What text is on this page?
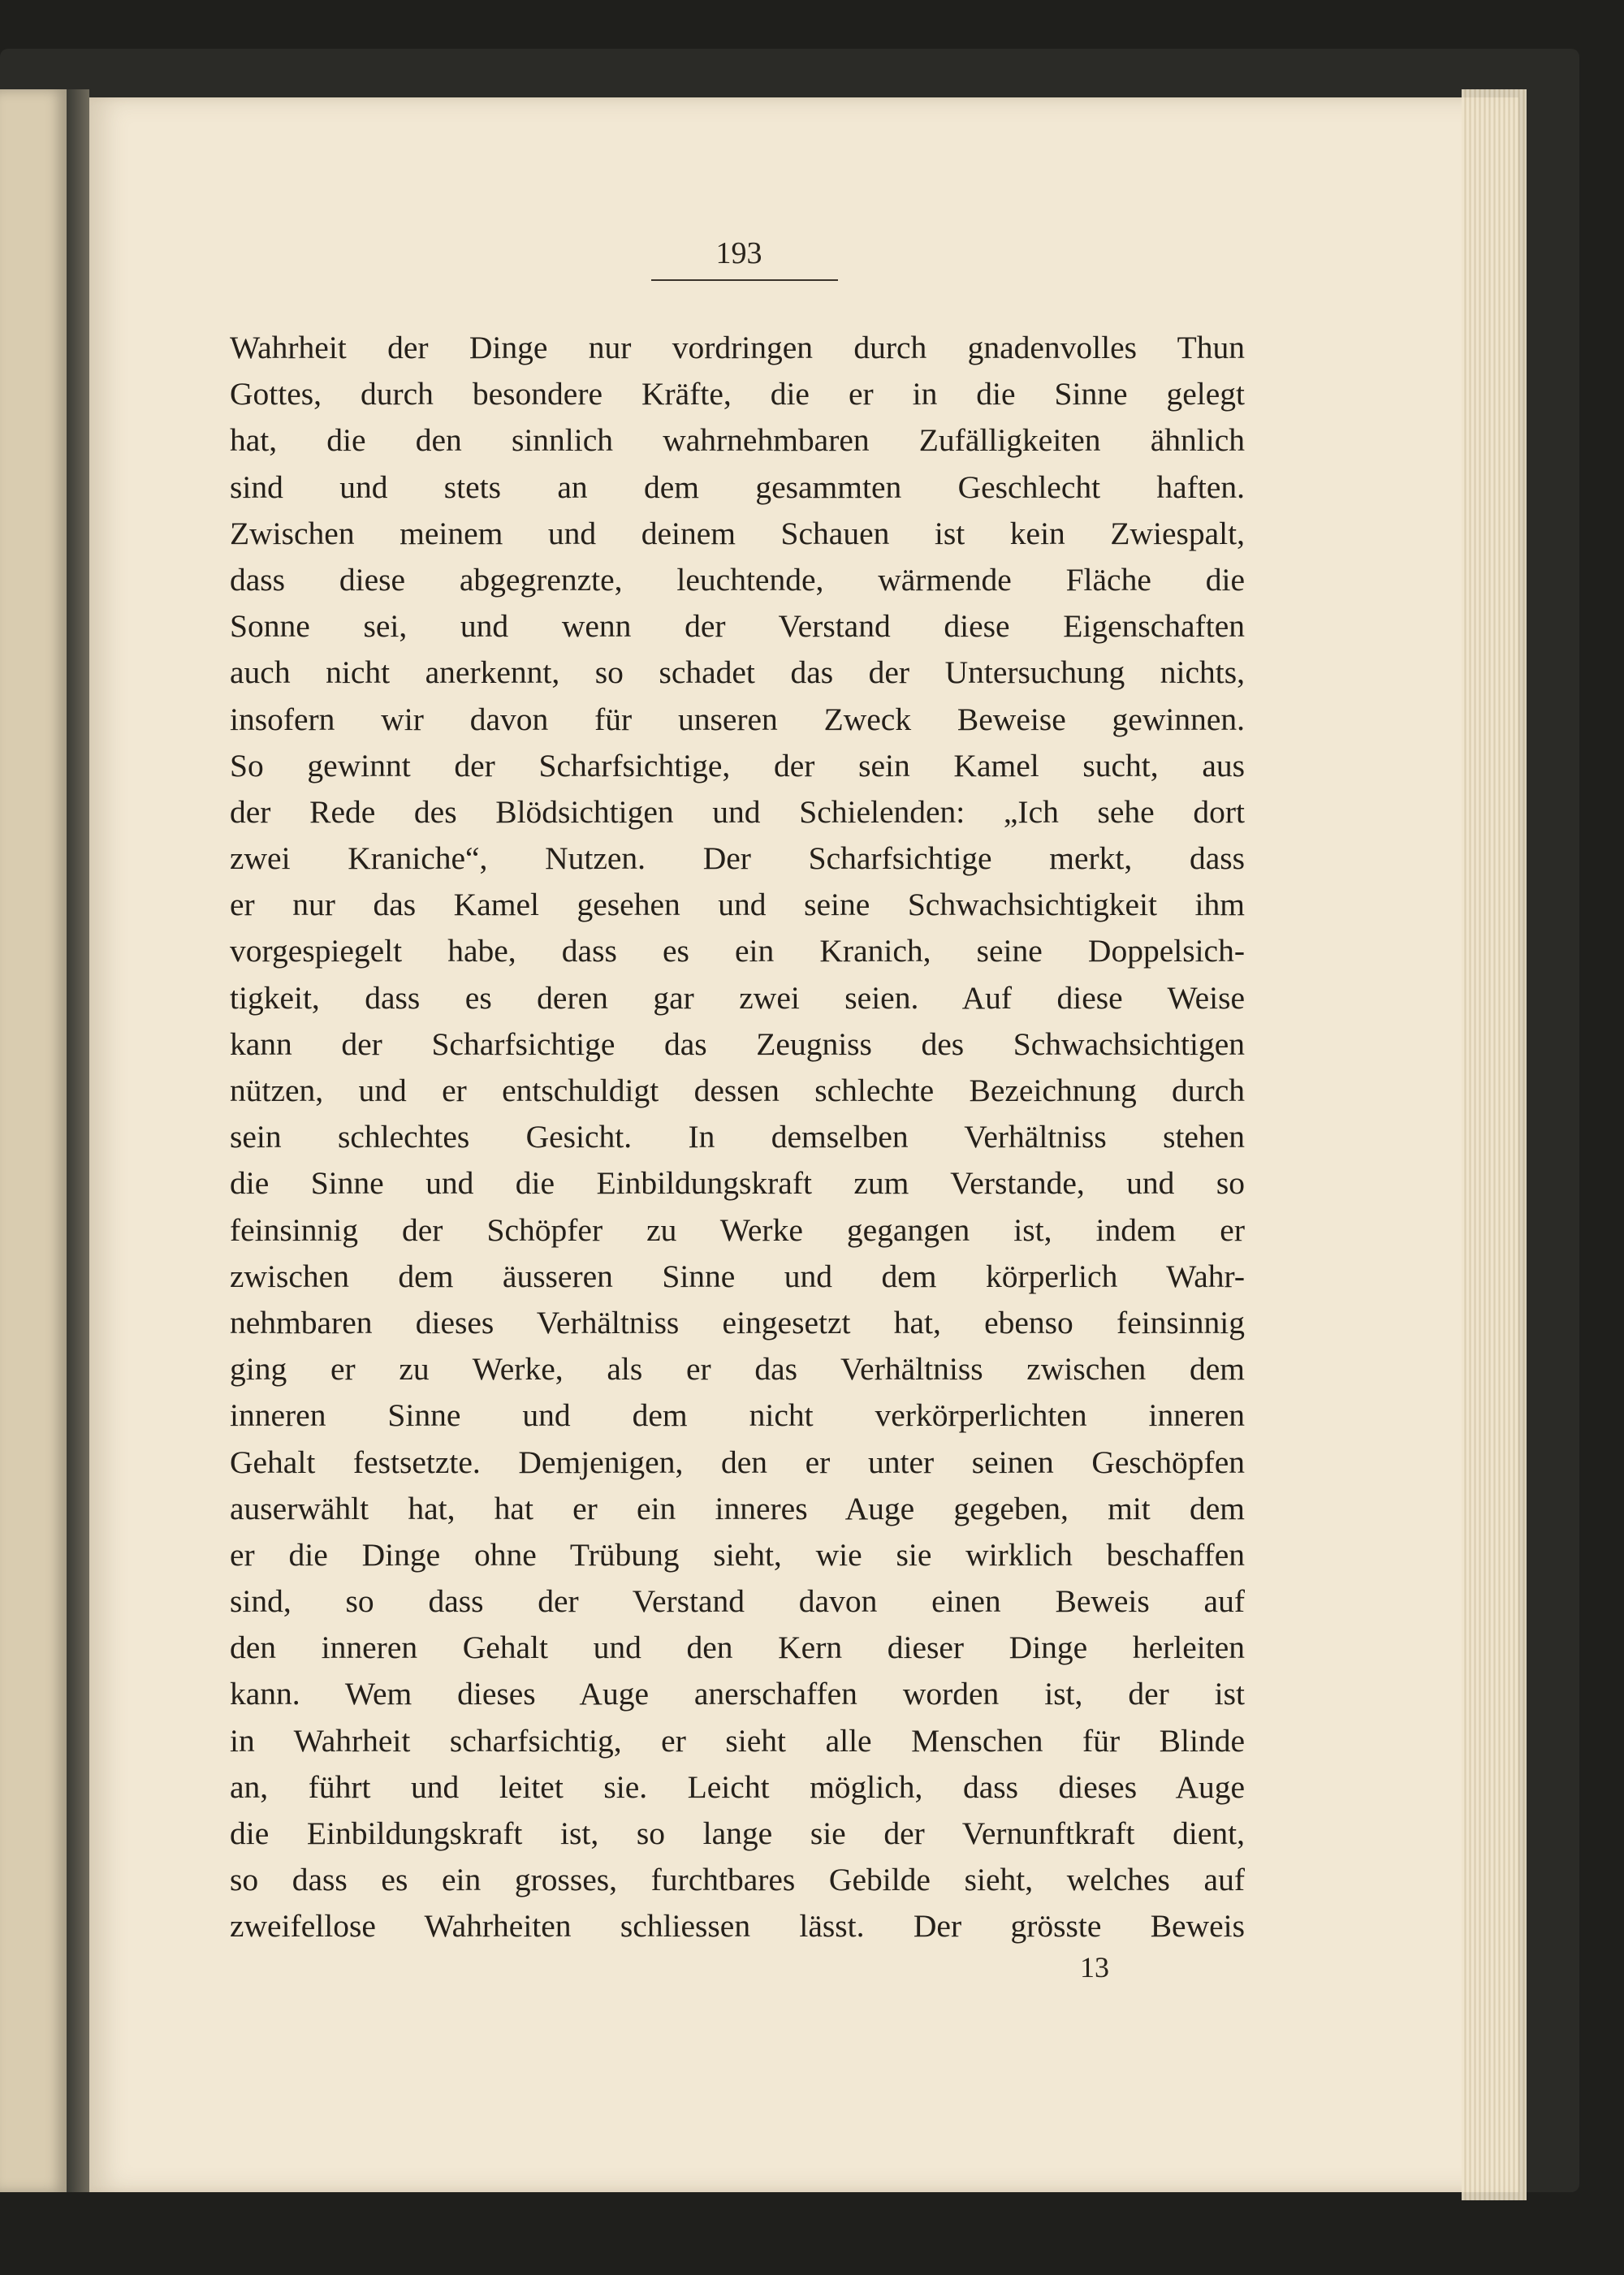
193
Wahrheit der Dinge nur vordringen durch gnadenvolles Thun
Gottes, durch besondere Kräfte, die er in die Sinne gelegt
hat, die den sinnlich wahrnehmbaren Zufälligkeiten ähnlich
sind und stets an dem gesammten Geschlecht haften.
Zwischen meinem und deinem Schauen ist kein Zwiespalt,
dass diese abgegrenzte, leuchtende, wärmende Fläche die
Sonne sei, und wenn der Verstand diese Eigenschaften
auch nicht anerkennt, so schadet das der Untersuchung nichts,
insofern wir davon für unseren Zweck Beweise gewinnen.
So gewinnt der Scharfsichtige, der sein Kamel sucht, aus
der Rede des Blödsichtigen und Schielenden: „Ich sehe dort
zwei Kraniche“, Nutzen. Der Scharfsichtige merkt, dass
er nur das Kamel gesehen und seine Schwachsichtigkeit ihm
vorgespiegelt habe, dass es ein Kranich, seine Doppelsich-
tigkeit, dass es deren gar zwei seien. Auf diese Weise
kann der Scharfsichtige das Zeugniss des Schwachsichtigen
nützen, und er entschuldigt dessen schlechte Bezeichnung durch
sein schlechtes Gesicht. In demselben Verhältniss stehen
die Sinne und die Einbildungskraft zum Verstande, und so
feinsinnig der Schöpfer zu Werke gegangen ist, indem er
zwischen dem äusseren Sinne und dem körperlich Wahr-
nehmbaren dieses Verhältniss eingesetzt hat, ebenso feinsinnig
ging er zu Werke, als er das Verhältniss zwischen dem
inneren Sinne und dem nicht verkörperlichten inneren
Gehalt festsetzte. Demjenigen, den er unter seinen Geschöpfen
auserwählt hat, hat er ein inneres Auge gegeben, mit dem
er die Dinge ohne Trübung sieht, wie sie wirklich beschaffen
sind, so dass der Verstand davon einen Beweis auf
den inneren Gehalt und den Kern dieser Dinge herleiten
kann. Wem dieses Auge anerschaffen worden ist, der ist
in Wahrheit scharfsichtig, er sieht alle Menschen für Blinde
an, führt und leitet sie. Leicht möglich, dass dieses Auge
die Einbildungskraft ist, so lange sie der Vernunftkraft dient,
so dass es ein grosses, furchtbares Gebilde sieht, welches auf
zweifellose Wahrheiten schliessen lässt. Der grösste Beweis
13
